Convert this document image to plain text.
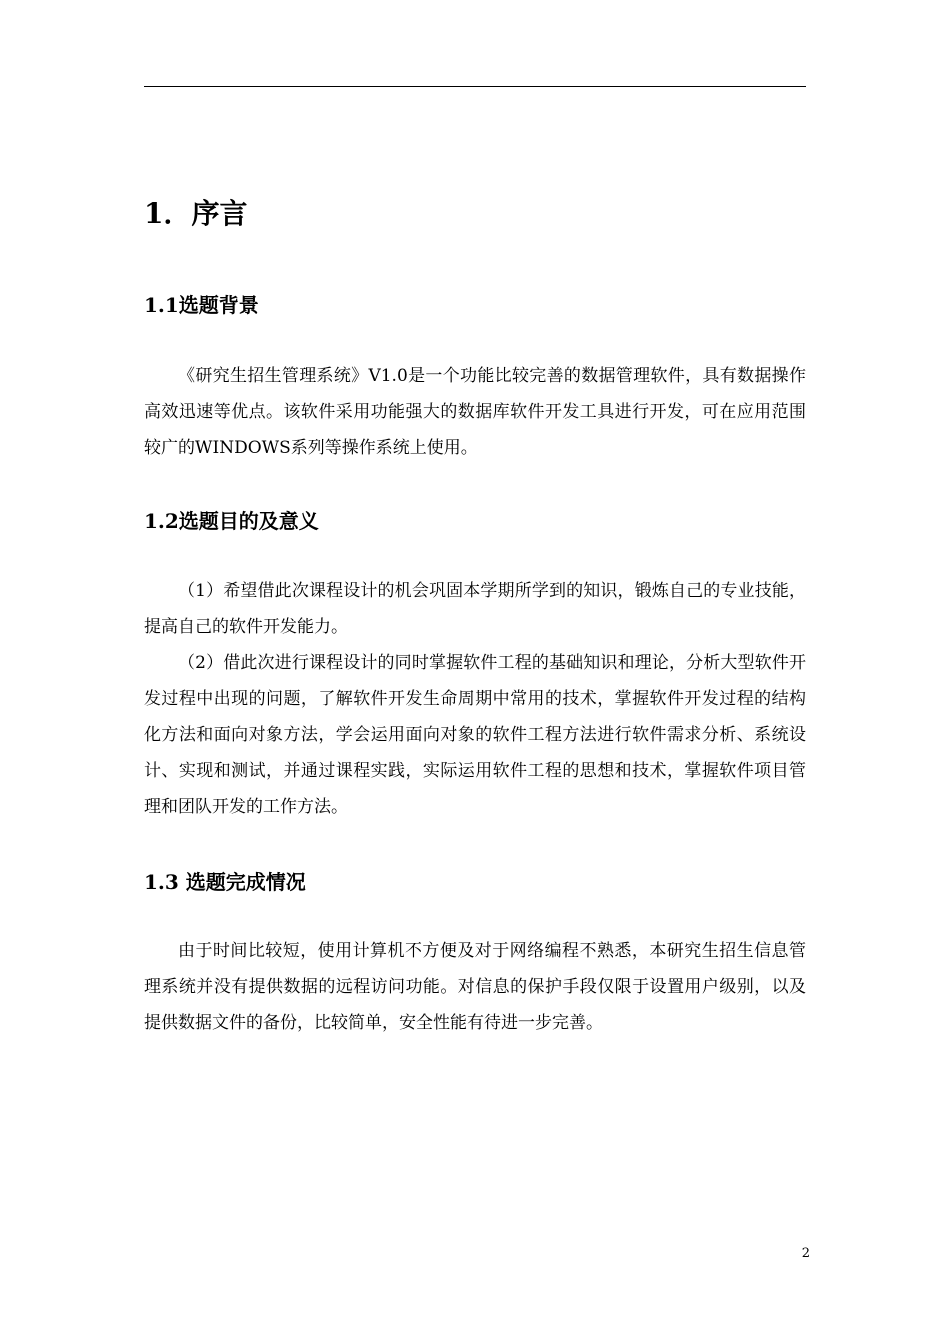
1．序言
1.1选题背景

《研究生招生管理系统》V1.0是一个功能比较完善的数据管理软件，具有数据操作高效迅速等优点。该软件采用功能强大的数据库软件开发工具进行开发，可在应用范围较广的WINDOWS系列等操作系统上使用。

1.2选题目的及意义

（1）希望借此次课程设计的机会巩固本学期所学到的知识，锻炼自己的专业技能，提高自己的软件开发能力。

（2）借此次进行课程设计的同时掌握软件工程的基础知识和理论，分析大型软件开发过程中出现的问题，了解软件开发生命周期中常用的技术，掌握软件开发过程的结构化方法和面向对象方法，学会运用面向对象的软件工程方法进行软件需求分析、系统设计、实现和测试，并通过课程实践，实际运用软件工程的思想和技术，掌握软件项目管理和团队开发的工作方法。

1.3 选题完成情况

由于时间比较短，使用计算机不方便及对于网络编程不熟悉，本研究生招生信息管理系统并没有提供数据的远程访问功能。对信息的保护手段仅限于设置用户级别，以及提供数据文件的备份，比较简单，安全性能有待进一步完善。

2
